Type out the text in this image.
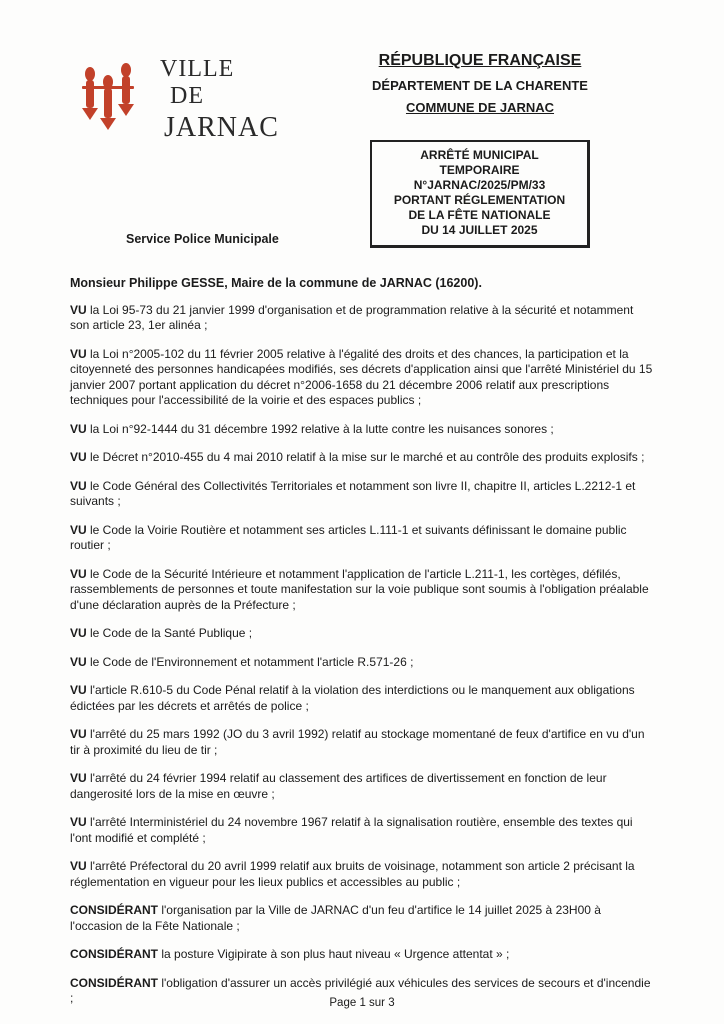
VILLE
DE
JARNAC
RÉPUBLIQUE FRANÇAISE
DÉPARTEMENT DE LA CHARENTE
COMMUNE DE JARNAC
ARRÊTÉ MUNICIPAL
TEMPORAIRE
N°JARNAC/2025/PM/33
PORTANT RÉGLEMENTATION
DE LA FÊTE NATIONALE
DU 14 JUILLET 2025
Service Police Municipale

Monsieur Philippe GESSE, Maire de la commune de JARNAC (16200).

VU la Loi 95-73 du 21 janvier 1999 d'organisation et de programmation relative à la sécurité et notamment son article 23, 1er alinéa ;

VU la Loi n°2005-102 du 11 février 2005 relative à l'égalité des droits et des chances, la participation et la citoyenneté des personnes handicapées modifiés, ses décrets d'application ainsi que l'arrêté Ministériel du 15 janvier 2007 portant application du décret n°2006-1658 du 21 décembre 2006 relatif aux prescriptions techniques pour l'accessibilité de la voirie et des espaces publics ;

VU la Loi n°92-1444 du 31 décembre 1992 relative à la lutte contre les nuisances sonores ;

VU le Décret n°2010-455 du 4 mai 2010 relatif à la mise sur le marché et au contrôle des produits explosifs ;

VU le Code Général des Collectivités Territoriales et notamment son livre II, chapitre II, articles L.2212-1 et suivants ;

VU le Code la Voirie Routière et notamment ses articles L.111-1 et suivants définissant le domaine public routier ;

VU le Code de la Sécurité Intérieure et notamment l'application de l'article L.211-1, les cortèges, défilés, rassemblements de personnes et toute manifestation sur la voie publique sont soumis à l'obligation préalable d'une déclaration auprès de la Préfecture ;

VU le Code de la Santé Publique ;

VU le Code de l'Environnement et notamment l'article R.571-26 ;

VU l'article R.610-5 du Code Pénal relatif à la violation des interdictions ou le manquement aux obligations édictées par les décrets et arrêtés de police ;

VU l'arrêté du 25 mars 1992 (JO du 3 avril 1992) relatif au stockage momentané de feux d'artifice en vu d'un tir à proximité du lieu de tir ;

VU l'arrêté du 24 février 1994 relatif au classement des artifices de divertissement en fonction de leur dangerosité lors de la mise en œuvre ;

VU l'arrêté Interministériel du 24 novembre 1967 relatif à la signalisation routière, ensemble des textes qui l'ont modifié et complété ;

VU l'arrêté Préfectoral du 20 avril 1999 relatif aux bruits de voisinage, notamment son article 2 précisant la réglementation en vigueur pour les lieux publics et accessibles au public ;

CONSIDÉRANT l'organisation par la Ville de JARNAC d'un feu d'artifice le 14 juillet 2025 à 23H00 à l'occasion de la Fête Nationale ;

CONSIDÉRANT la posture Vigipirate à son plus haut niveau « Urgence attentat » ;

CONSIDÉRANT l'obligation d'assurer un accès privilégié aux véhicules des services de secours et d'incendie ;	Page 1 sur 3
